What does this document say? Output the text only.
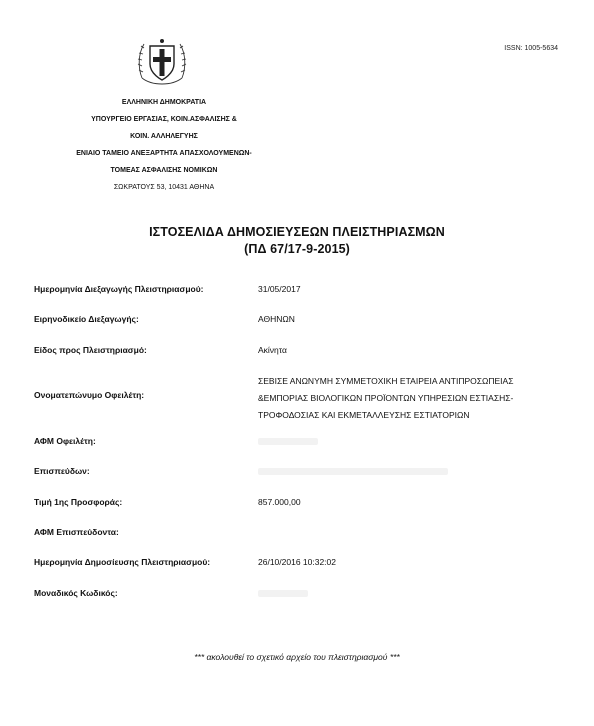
ISSN: 1005-5634
ΕΛΛΗΝΙΚΗ ΔΗΜΟΚΡΑΤΙΑ
ΥΠΟΥΡΓΕΙΟ ΕΡΓΑΣΙΑΣ, ΚΟΙΝ.ΑΣΦΑΛΙΣΗΣ &
ΚΟΙΝ. ΑΛΛΗΛΕΓΥΗΣ
ΕΝΙΑΙΟ ΤΑΜΕΙΟ ΑΝΕΞΑΡΤΗΤΑ ΑΠΑΣΧΟΛΟΥΜΕΝΩΝ-
ΤΟΜΕΑΣ ΑΣΦΑΛΙΣΗΣ ΝΟΜΙΚΩΝ
ΣΩΚΡΑΤΟΥΣ 53, 10431 ΑΘΗΝΑ
ΙΣΤΟΣΕΛΙΔΑ ΔΗΜΟΣΙΕΥΣΕΩΝ ΠΛΕΙΣΤΗΡΙΑΣΜΩΝ
(ΠΔ 67/17-9-2015)
Ημερομηνία Διεξαγωγής Πλειστηριασμού:	31/05/2017
Ειρηνοδικείο Διεξαγωγής:	ΑΘΗΝΩΝ
Είδος προς Πλειστηριασμό:	Ακίνητα
Ονοματεπώνυμο Οφειλέτη:
ΣΕΒΙΣΕ ΑΝΩΝΥΜΗ ΣΥΜΜΕΤΟΧΙΚΗ ΕΤΑΙΡΕΙΑ ΑΝΤΙΠΡΟΣΩΠΕΙΑΣ &ΕΜΠΟΡΙΑΣ ΒΙΟΛΟΓΙΚΩΝ ΠΡΟΪΟΝΤΩΝ ΥΠΗΡΕΣΙΩΝ ΕΣΤΙΑΣΗΣ-ΤΡΟΦΟΔΟΣΙΑΣ ΚΑΙ ΕΚΜΕΤΑΛΛΕΥΣΗΣ ΕΣΤΙΑΤΟΡΙΩΝ
ΑΦΜ Οφειλέτη:
Επισπεύδων:
Τιμή 1ης Προσφοράς:	857.000,00
ΑΦΜ Επισπεύδοντα:
Ημερομηνία Δημοσίευσης Πλειστηριασμού:	26/10/2016 10:32:02
Μοναδικός Κωδικός:
*** ακολουθεί το σχετικό αρχείο του πλειστηριασμού ***
